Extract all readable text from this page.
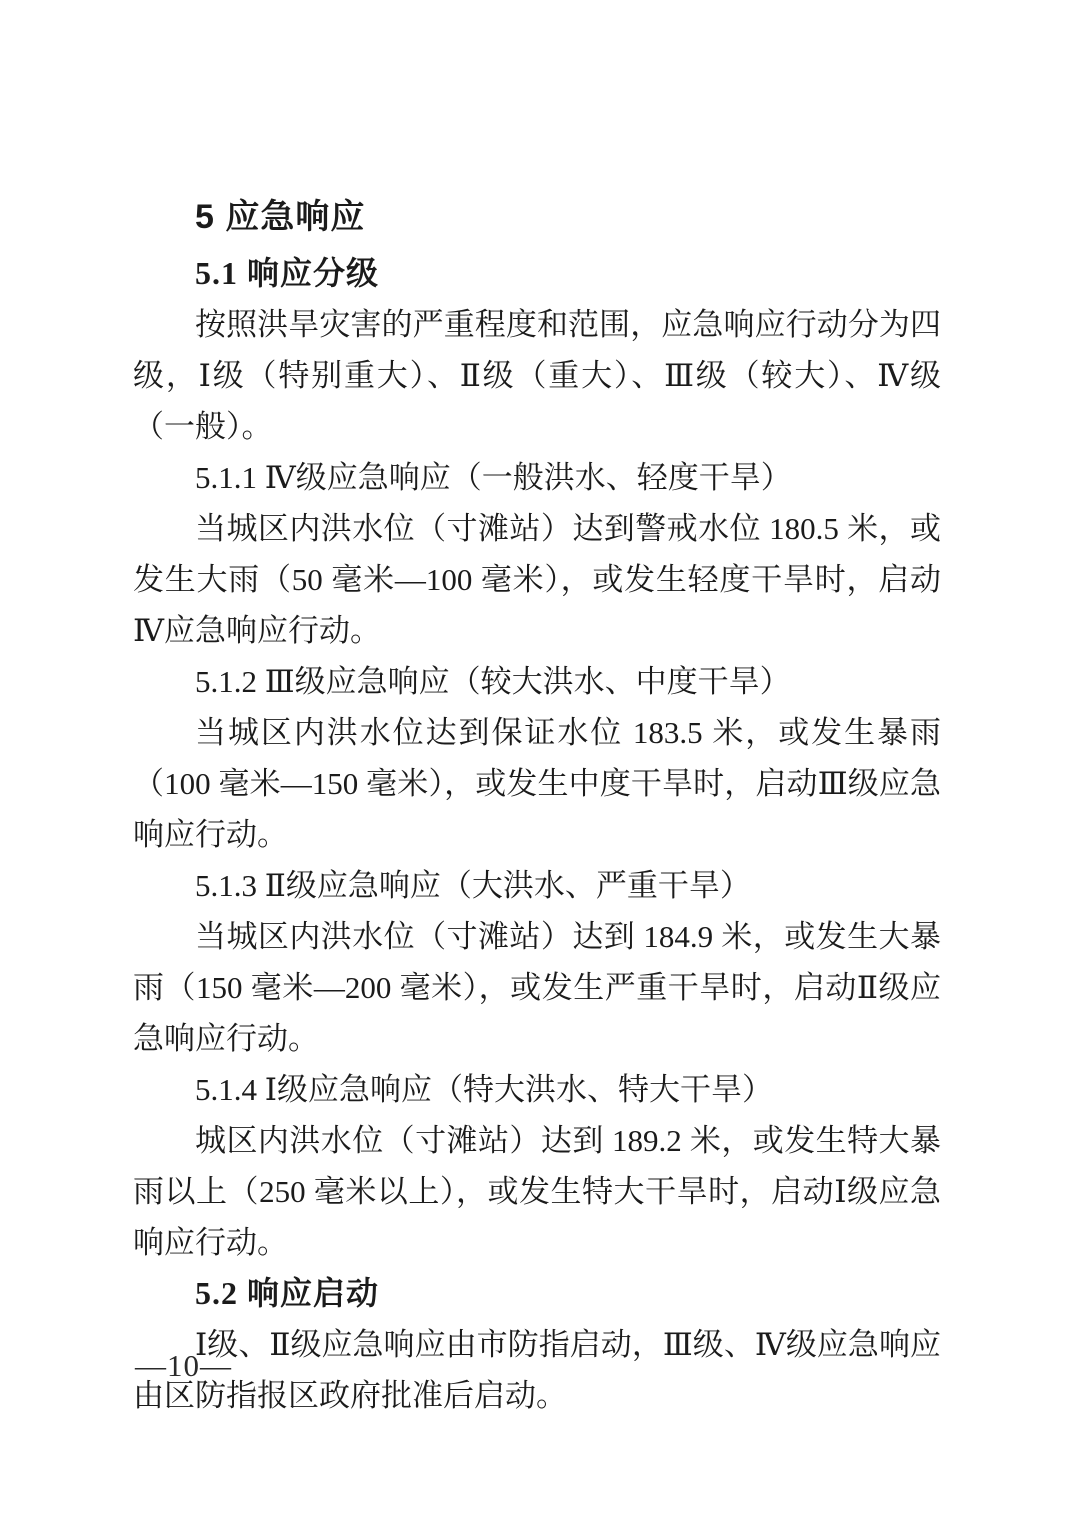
5 应急响应
5.1 响应分级

按照洪旱灾害的严重程度和范围，应急响应行动分为四级，Ⅰ级（特别重大）、Ⅱ级（重大）、Ⅲ级（较大）、Ⅳ级（一般）。

5.1.1 Ⅳ级应急响应（一般洪水、轻度干旱）

当城区内洪水位（寸滩站）达到警戒水位 180.5 米，或发生大雨（50 毫米—100 毫米），或发生轻度干旱时，启动Ⅳ应急响应行动。

5.1.2 Ⅲ级应急响应（较大洪水、中度干旱）

当城区内洪水位达到保证水位 183.5 米，或发生暴雨（100 毫米—150 毫米），或发生中度干旱时，启动Ⅲ级应急响应行动。

5.1.3 Ⅱ级应急响应（大洪水、严重干旱）

当城区内洪水位（寸滩站）达到 184.9 米，或发生大暴雨（150 毫米—200 毫米），或发生严重干旱时，启动Ⅱ级应急响应行动。

5.1.4 Ⅰ级应急响应（特大洪水、特大干旱）

城区内洪水位（寸滩站）达到 189.2 米，或发生特大暴雨以上（250 毫米以上），或发生特大干旱时，启动Ⅰ级应急响应行动。

5.2 响应启动

Ⅰ级、Ⅱ级应急响应由市防指启动，Ⅲ级、Ⅳ级应急响应由区防指报区政府批准后启动。

—10—
